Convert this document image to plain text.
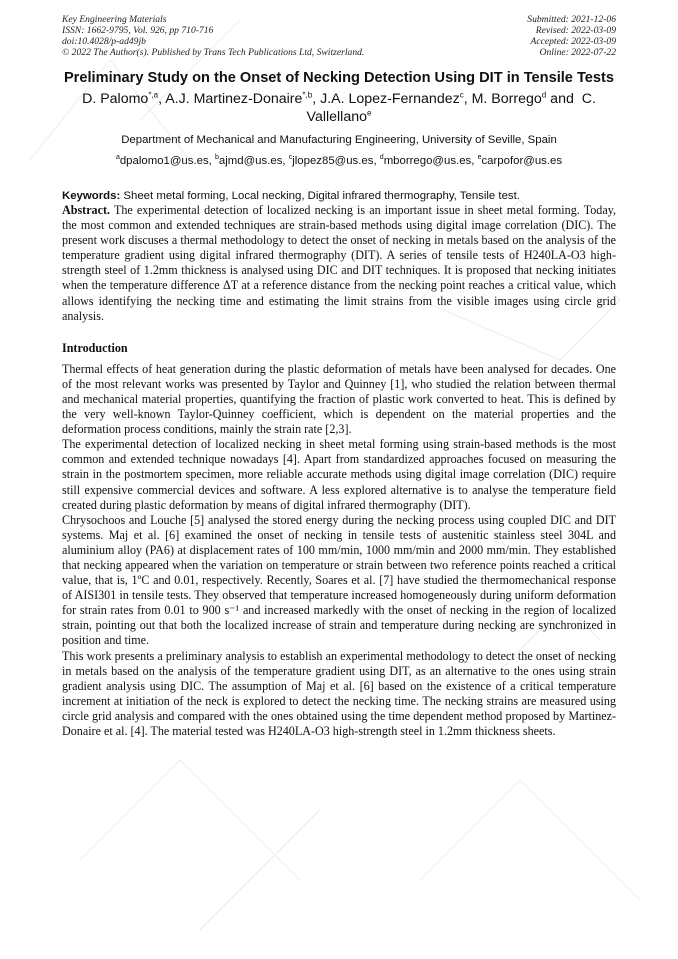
Key Engineering Materials
ISSN: 1662-9795, Vol. 926, pp 710-716
doi:10.4028/p-ad49jb
© 2022 The Author(s). Published by Trans Tech Publications Ltd, Switzerland.
Submitted: 2021-12-06
Revised: 2022-03-09
Accepted: 2022-03-09
Online: 2022-07-22
Preliminary Study on the Onset of Necking Detection Using DIT in Tensile Tests
D. Palomo$^{*,a}$, A.J. Martinez-Donaire$^{*,b}$, J.A. Lopez-Fernandez$^c$, M. Borrego$^d$ and  C. Vallellano$^e$
Department of Mechanical and Manufacturing Engineering, University of Seville, Spain
$^a$dpalomo1@us.es, $^b$ajmd@us.es, $^c$jlopez85@us.es, $^d$mborrego@us.es, $^e$carpofor@us.es
Keywords: Sheet metal forming, Local necking, Digital infrared thermography, Tensile test.

Abstract. The experimental detection of localized necking is an important issue in sheet metal forming. Today, the most common and extended techniques are strain-based methods using digital image correlation (DIC). The present work discuses a thermal methodology to detect the onset of necking in metals based on the analysis of the temperature gradient using digital infrared thermography (DIT). A series of tensile tests of H240LA-O3 high-strength steel of 1.2mm thickness is analysed using DIC and DIT techniques. It is proposed that necking initiates when the temperature difference ΔT at a reference distance from the necking point reaches a critical value, which allows identifying the necking time and estimating the limit strains from the visible images using circle grid analysis.

Introduction

Thermal effects of heat generation during the plastic deformation of metals have been analysed for decades. One of the most relevant works was presented by Taylor and Quinney [1], who studied the relation between thermal and mechanical material properties, quantifying the fraction of plastic work converted to heat. This is defined by the very well-known Taylor-Quinney coefficient, which is dependent on the material properties and the deformation process conditions, mainly the strain rate [2,3].

The experimental detection of localized necking in sheet metal forming using strain-based methods is the most common and extended technique nowadays [4]. Apart from standardized approaches focused on measuring the strain in the postmortem specimen, more reliable accurate methods using digital image correlation (DIC) require still expensive commercial devices and software. A less explored alternative is to analyse the temperature field created during plastic deformation by means of digital infrared thermography (DIT).

Chrysochoos and Louche [5] analysed the stored energy during the necking process using coupled DIC and DIT systems. Maj et al. [6] examined the onset of necking in tensile tests of austenitic stainless steel 304L and aluminium alloy (PA6) at displacement rates of 100 mm/min, 1000 mm/min and 2000 mm/min. They established that necking appeared when the variation on temperature or strain between two reference points reached a critical value, that is, 1ºC and 0.01, respectively. Recently, Soares et al. [7] have studied the thermomechanical response of AISI301 in tensile tests. They observed that temperature increased homogeneously during uniform deformation for strain rates from 0.01 to 900 s⁻¹ and increased markedly with the onset of necking in the region of localized strain, pointing out that both the localized increase of strain and temperature during necking are synchronized in position and time.

This work presents a preliminary analysis to establish an experimental methodology to detect the onset of necking in metals based on the analysis of the temperature gradient using DIT, as an alternative to the ones using strain gradient analysis using DIC. The assumption of Maj et al. [6] based on the existence of a critical temperature increment at initiation of the neck is explored to detect the necking time. The necking strains are measured using circle grid analysis and compared with the ones obtained using the time dependent method proposed by Martinez-Donaire et al. [4]. The material tested was H240LA-O3 high-strength steel in 1.2mm thickness sheets.
